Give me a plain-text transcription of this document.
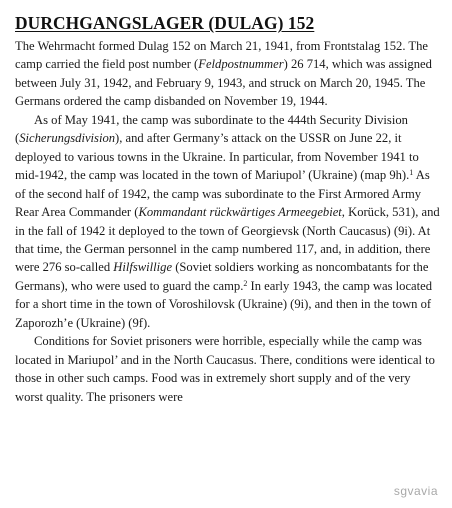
DURCHGANGSLAGER (DULAG) 152

The Wehrmacht formed Dulag 152 on March 21, 1941, from Frontstalag 152. The camp carried the field post number (Feldpostnummer) 26 714, which was assigned between July 31, 1942, and February 9, 1943, and struck on March 20, 1945. The Germans ordered the camp disbanded on November 19, 1944.

As of May 1941, the camp was subordinate to the 444th Security Division (Sicherungsdivision), and after Germany’s attack on the USSR on June 22, it deployed to various towns in the Ukraine. In particular, from November 1941 to mid-1942, the camp was located in the town of Mariupol’ (Ukraine) (map 9h).$^1$ As of the second half of 1942, the camp was subordinate to the First Armored Army Rear Area Commander (Kommandant rückwärtiges Armeegebiet, Korück, 531), and in the fall of 1942 it deployed to the town of Georgievsk (North Caucasus) (9i). At that time, the German personnel in the camp numbered 117, and, in addition, there were 276 so-called Hilfswillige (Soviet soldiers working as noncombatants for the Germans), who were used to guard the camp.$^2$ In early 1943, the camp was located for a short time in the town of Voroshilovsk (Ukraine) (9i), and then in the town of Zaporozh’e (Ukraine) (9f).

Conditions for Soviet prisoners were horrible, especially while the camp was located in Mariupol’ and in the North Caucasus. There, conditions were identical to those in other such camps. Food was in extremely short supply and of the very worst quality. The prisoners were

sgvavia
